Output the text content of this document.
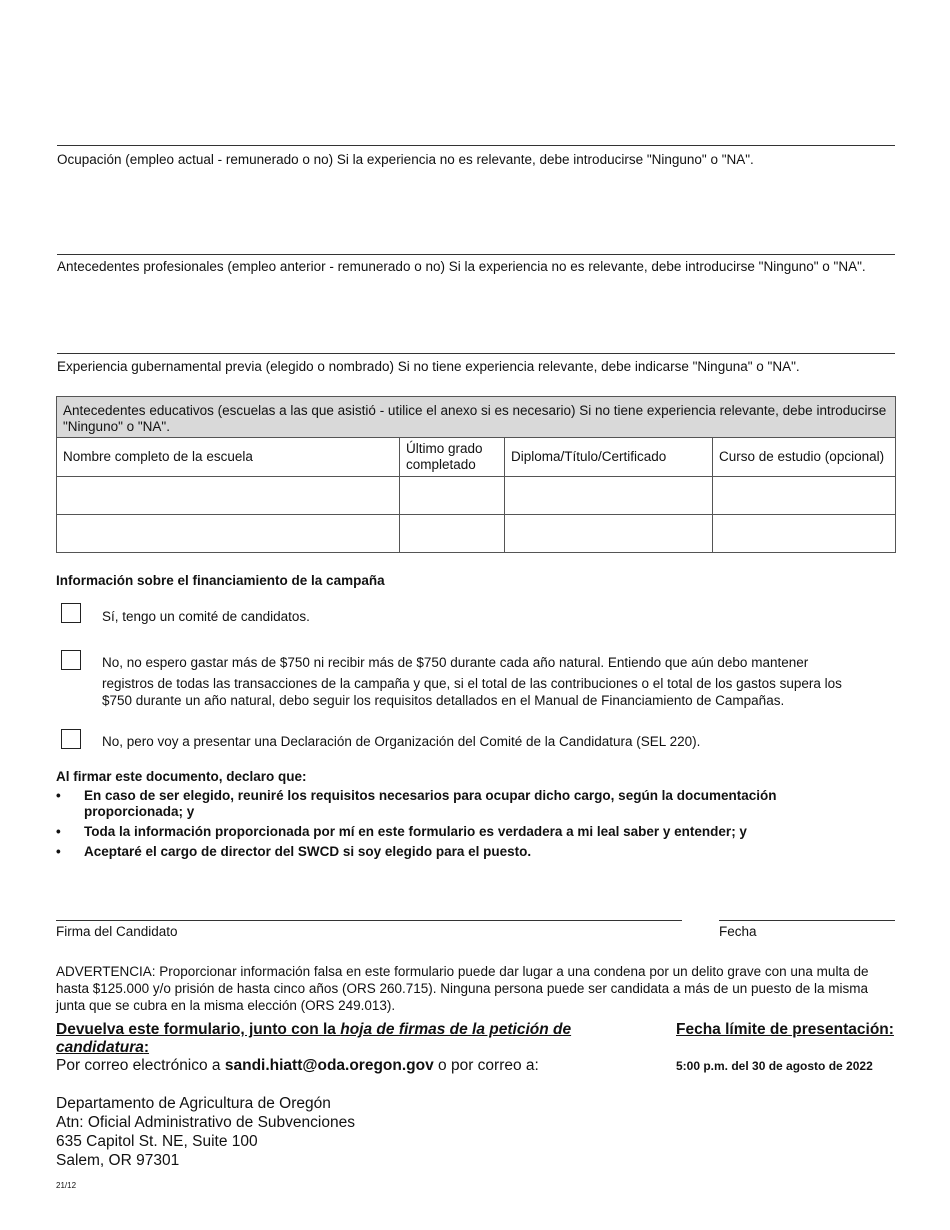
Ocupación (empleo actual - remunerado o no) Si la experiencia no es relevante, debe introducirse "Ninguno" o "NA".
Antecedentes profesionales (empleo anterior - remunerado o no) Si la experiencia no es relevante, debe introducirse "Ninguno" o "NA".
Experiencia gubernamental previa (elegido o nombrado) Si no tiene experiencia relevante, debe indicarse "Ninguna" o "NA".
Antecedentes educativos (escuelas a las que asistió - utilice el anexo si es necesario) Si no tiene experiencia relevante, debe introducirse "Ninguno" o "NA".			
Nombre completo de la escuela	Último grado completado	Diploma/Título/Certificado	Curso de estudio (opcional)

Información sobre el financiamiento de la campaña
Sí, tengo un comité de candidatos.
No, no espero gastar más de $750 ni recibir más de $750 durante cada año natural. Entiendo que aún debo mantener
registros de todas las transacciones de la campaña y que, si el total de las contribuciones o el total de los gastos supera los $750 durante un año natural, debo seguir los requisitos detallados en el Manual de Financiamiento de Campañas.
No, pero voy a presentar una Declaración de Organización del Comité de la Candidatura (SEL 220).
Al firmar este documento, declaro que:
• En caso de ser elegido, reuniré los requisitos necesarios para ocupar dicho cargo, según la documentación proporcionada; y
• Toda la información proporcionada por mí en este formulario es verdadera a mi leal saber y entender; y
• Aceptaré el cargo de director del SWCD si soy elegido para el puesto.
Firma del Candidato	Fecha
ADVERTENCIA: Proporcionar información falsa en este formulario puede dar lugar a una condena por un delito grave con una multa de hasta $125.000 y/o prisión de hasta cinco años (ORS 260.715). Ninguna persona puede ser candidata a más de un puesto de la misma junta que se cubra en la misma elección (ORS 249.013).
Devuelva este formulario, junto con la hoja de firmas de la petición de candidatura:
Por correo electrónico a sandi.hiatt@oda.oregon.gov o por correo a:
Departamento de Agricultura de Oregón
Atn: Oficial Administrativo de Subvenciones
635 Capitol St. NE, Suite 100
Salem, OR 97301
Fecha límite de presentación:
5:00 p.m. del 30 de agosto de 2022
21/12
